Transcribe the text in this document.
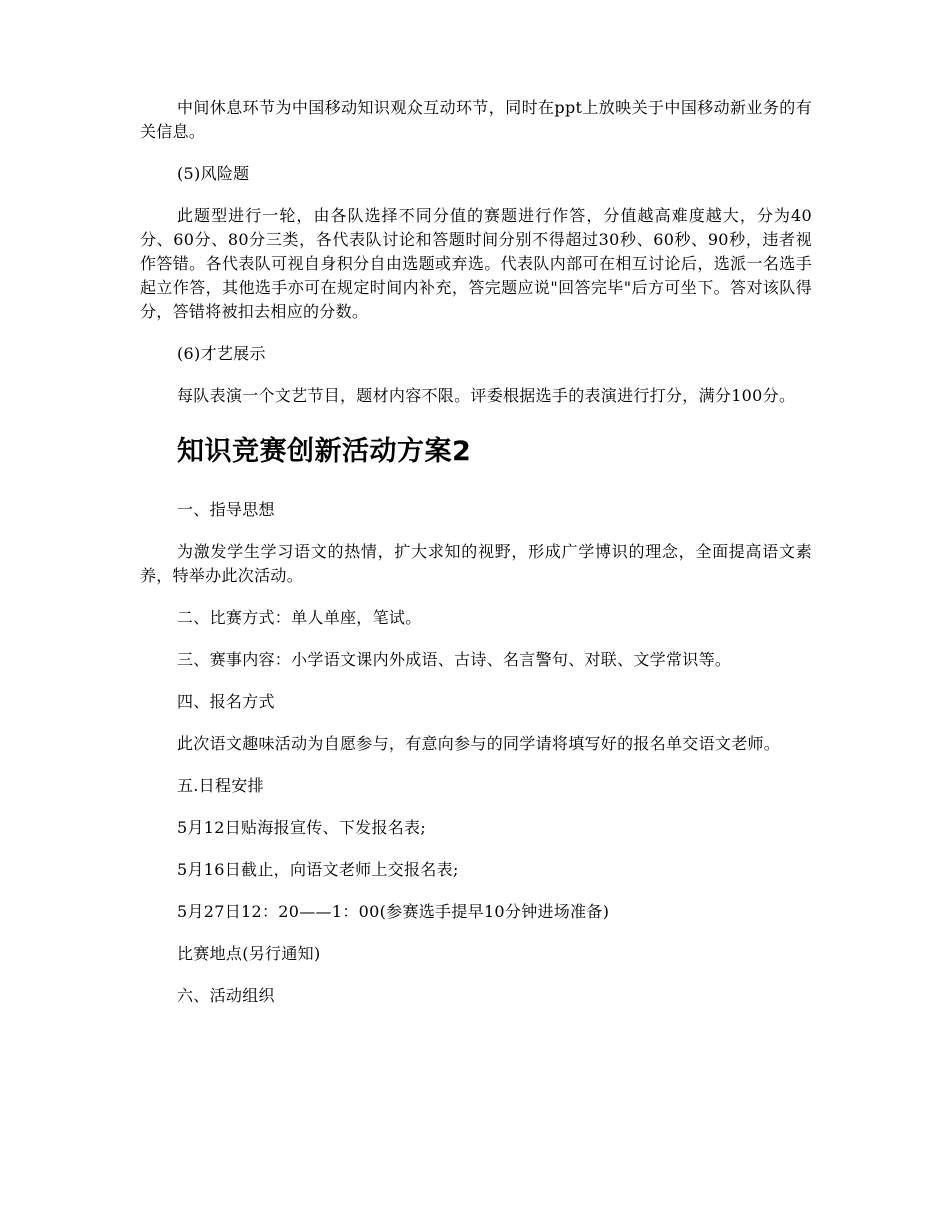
中间休息环节为中国移动知识观众互动环节，同时在ppt上放映关于中国移动新业务的有关信息。

(5)风险题

此题型进行一轮，由各队选择不同分值的赛题进行作答，分值越高难度越大，分为40分、60分、80分三类，各代表队讨论和答题时间分别不得超过30秒、60秒、90秒，违者视作答错。各代表队可视自身积分自由选题或弃选。代表队内部可在相互讨论后，选派一名选手起立作答，其他选手亦可在规定时间内补充，答完题应说"回答完毕"后方可坐下。答对该队得分，答错将被扣去相应的分数。

(6)才艺展示

每队表演一个文艺节目，题材内容不限。评委根据选手的表演进行打分，满分100分。

知识竞赛创新活动方案2

一、指导思想

为激发学生学习语文的热情，扩大求知的视野，形成广学博识的理念，全面提高语文素养，特举办此次活动。

二、比赛方式：单人单座，笔试。

三、赛事内容：小学语文课内外成语、古诗、名言警句、对联、文学常识等。

四、报名方式

此次语文趣味活动为自愿参与，有意向参与的同学请将填写好的报名单交语文老师。

五.日程安排

5月12日贴海报宣传、下发报名表;

5月16日截止，向语文老师上交报名表;

5月27日12：20——1：00(参赛选手提早10分钟进场准备)

比赛地点(另行通知)

六、活动组织
